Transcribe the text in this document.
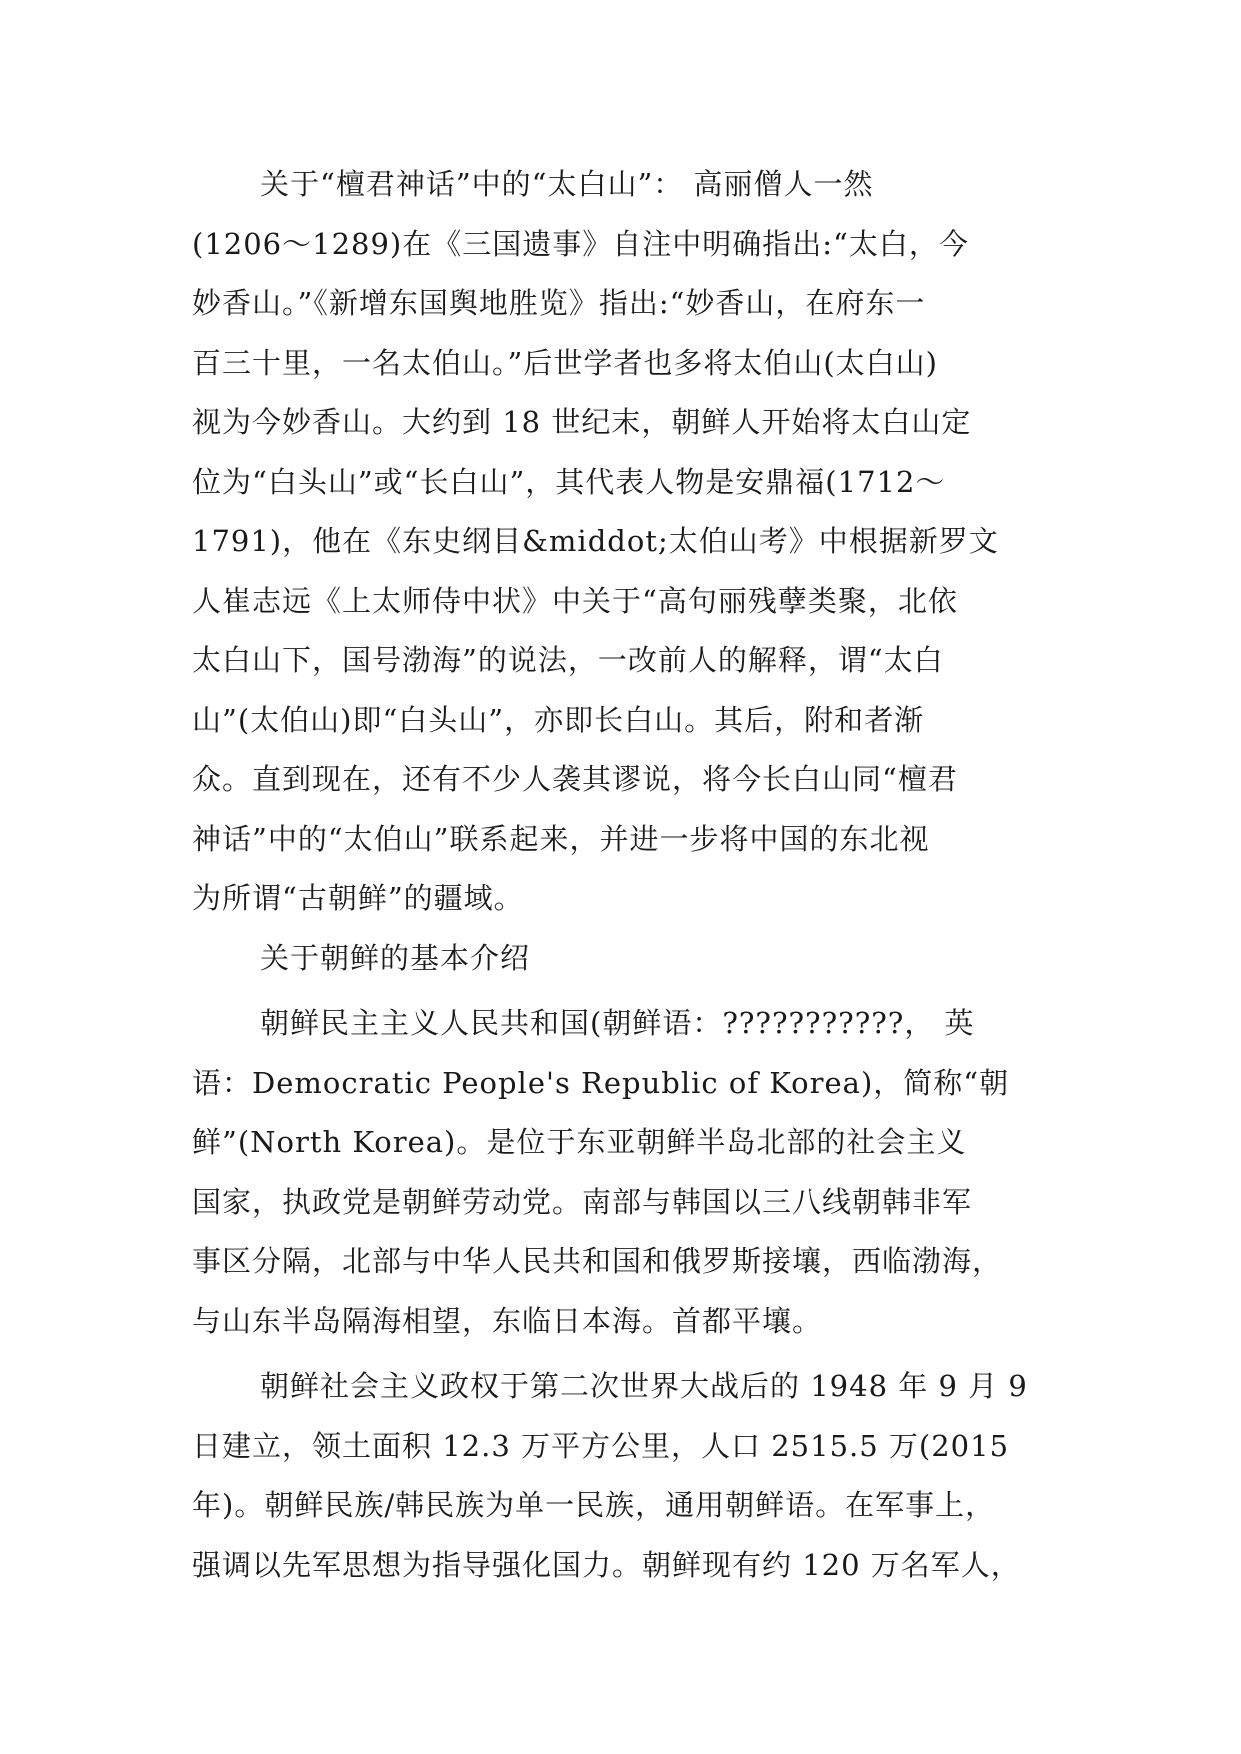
关于“檀君神话”中的“太白山”： 高丽僧人一然
(1206～1289)在《三国遗事》自注中明确指出:“太白，今
妙香山。”《新增东国舆地胜览》指出:“妙香山，在府东一
百三十里，一名太伯山。”后世学者也多将太伯山(太白山)
视为今妙香山。大约到 18 世纪末，朝鲜人开始将太白山定
位为“白头山”或“长白山”，其代表人物是安鼎福(1712～
1791)，他在《东史纲目&middot;太伯山考》中根据新罗文
人崔志远《上太师侍中状》中关于“高句丽残孽类聚，北依
太白山下，国号渤海”的说法，一改前人的解释，谓“太白
山”(太伯山)即“白头山”，亦即长白山。其后，附和者渐
众。直到现在，还有不少人袭其谬说，将今长白山同“檀君
神话”中的“太伯山”联系起来，并进一步将中国的东北视
为所谓“古朝鲜”的疆域。
关于朝鲜的基本介绍
朝鲜民主主义人民共和国(朝鲜语：???????????， 英
语：Democratic People's Republic of Korea)，简称“朝
鲜”(North Korea)。是位于东亚朝鲜半岛北部的社会主义
国家，执政党是朝鲜劳动党。南部与韩国以三八线朝韩非军
事区分隔，北部与中华人民共和国和俄罗斯接壤，西临渤海，
与山东半岛隔海相望，东临日本海。首都平壤。
朝鲜社会主义政权于第二次世界大战后的 1948 年 9 月 9
日建立，领土面积 12.3 万平方公里，人口 2515.5 万(2015
年)。朝鲜民族/韩民族为单一民族，通用朝鲜语。在军事上，
强调以先军思想为指导强化国力。朝鲜现有约 120 万名军人，
